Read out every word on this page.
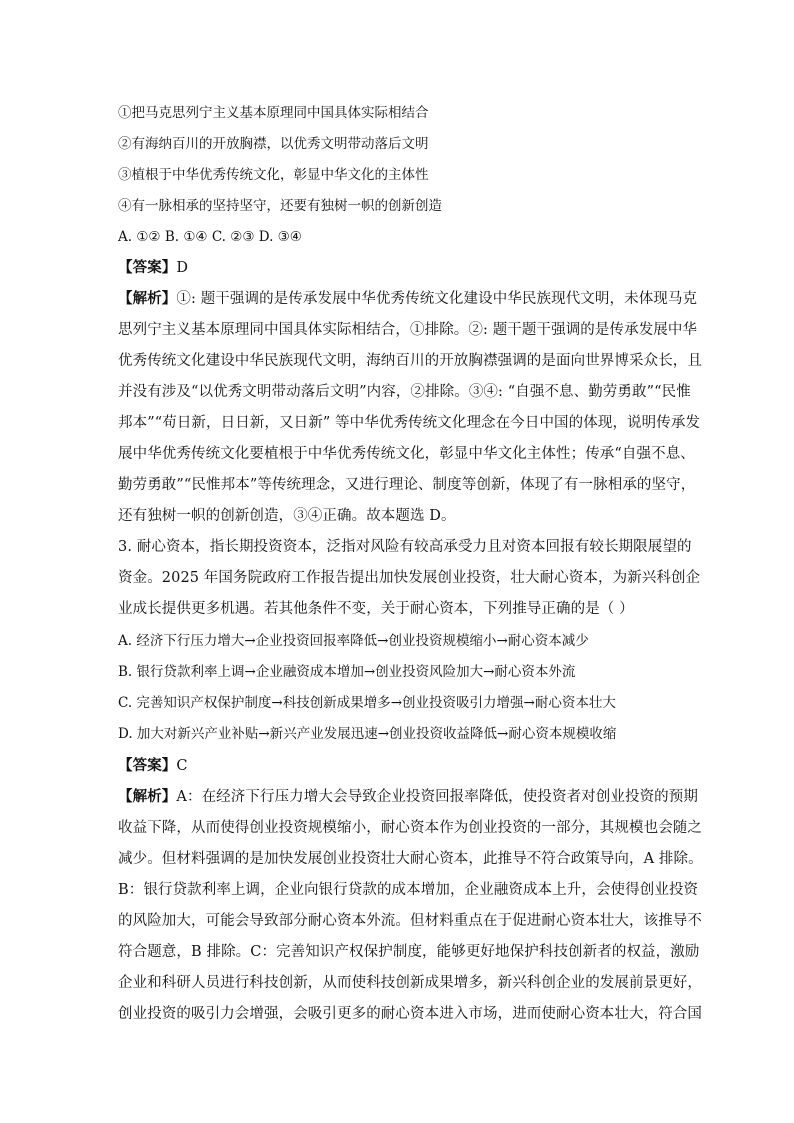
①把马克思列宁主义基本原理同中国具体实际相结合
②有海纳百川的开放胸襟，以优秀文明带动落后文明
③植根于中华优秀传统文化，彰显中华文化的主体性
④有一脉相承的坚持坚守，还要有独树一帜的创新创造
A. ①② B. ①④ C. ②③ D. ③④
【答案】D
【解析】①: 题干强调的是传承发展中华优秀传统文化建设中华民族现代文明，未体现马克
思列宁主义基本原理同中国具体实际相结合，①排除。②: 题干题干强调的是传承发展中华
优秀传统文化建设中华民族现代文明，海纳百川的开放胸襟强调的是面向世界博采众长，且
并没有涉及“以优秀文明带动落后文明”内容，②排除。③④: “自强不息、勤劳勇敢”“民惟
邦本”“苟日新，日日新，又日新” 等中华优秀传统文化理念在今日中国的体现，说明传承发
展中华优秀传统文化要植根于中华优秀传统文化，彰显中华文化主体性；传承“自强不息、
勤劳勇敢”“民惟邦本”等传统理念，又进行理论、制度等创新，体现了有一脉相承的坚守，
还有独树一帜的创新创造，③④正确。故本题选 D。
3. 耐心资本，指长期投资资本，泛指对风险有较高承受力且对资本回报有较长期限展望的
资金。2025 年国务院政府工作报告提出加快发展创业投资，壮大耐心资本，为新兴科创企
业成长提供更多机遇。若其他条件不变，关于耐心资本，下列推导正确的是（ ）
A. 经济下行压力增大→企业投资回报率降低→创业投资规模缩小→耐心资本减少
B. 银行贷款利率上调→企业融资成本增加→创业投资风险加大→耐心资本外流
C. 完善知识产权保护制度→科技创新成果增多→创业投资吸引力增强→耐心资本壮大
D. 加大对新兴产业补贴→新兴产业发展迅速→创业投资收益降低→耐心资本规模收缩
【答案】C
【解析】A：在经济下行压力增大会导致企业投资回报率降低，使投资者对创业投资的预期
收益下降，从而使得创业投资规模缩小，耐心资本作为创业投资的一部分，其规模也会随之
减少。但材料强调的是加快发展创业投资壮大耐心资本，此推导不符合政策导向，A 排除。
B：银行贷款利率上调，企业向银行贷款的成本增加，企业融资成本上升，会使得创业投资
的风险加大，可能会导致部分耐心资本外流。但材料重点在于促进耐心资本壮大，该推导不
符合题意，B 排除。C：完善知识产权保护制度，能够更好地保护科技创新者的权益，激励
企业和科研人员进行科技创新，从而使科技创新成果增多，新兴科创企业的发展前景更好，
创业投资的吸引力会增强，会吸引更多的耐心资本进入市场，进而使耐心资本壮大，符合国
